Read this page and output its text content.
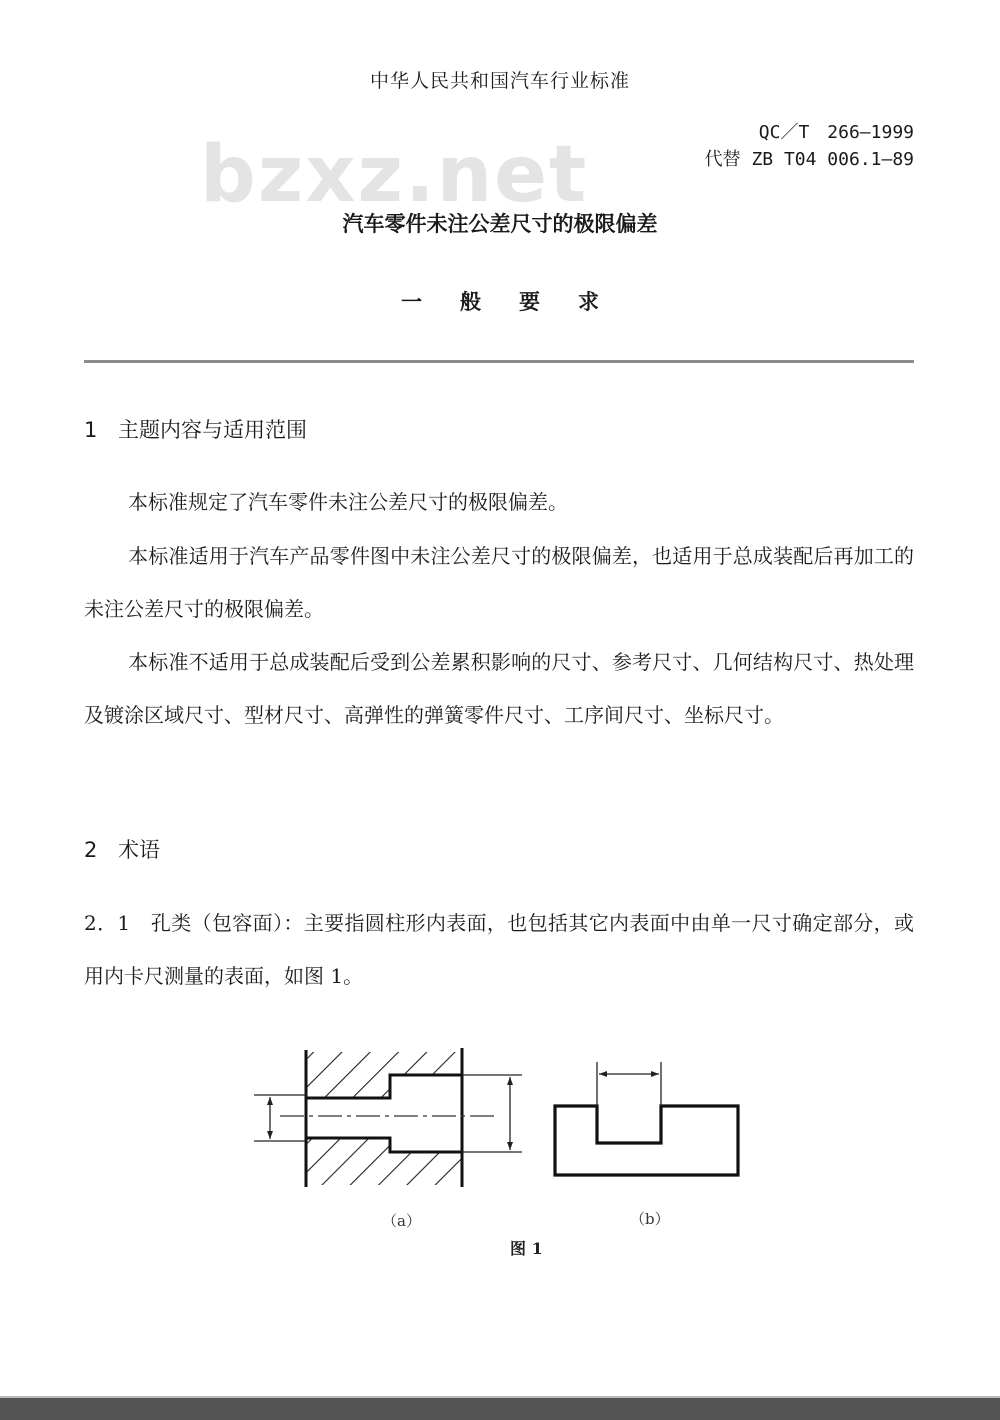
中华人民共和国汽车行业标准
bzxz.net	QC／T　266—1999
代替 ZB T04 006.1—89
汽车零件未注公差尺寸的极限偏差
一般要求
1 主题内容与适用范围
本标准规定了汽车零件未注公差尺寸的极限偏差。
本标准适用于汽车产品零件图中未注公差尺寸的极限偏差，也适用于总成装配后再加工的未注公差尺寸的极限偏差。
本标准不适用于总成装配后受到公差累积影响的尺寸、参考尺寸、几何结构尺寸、热处理及镀涂区域尺寸、型材尺寸、高弹性的弹簧零件尺寸、工序间尺寸、坐标尺寸。
2 术语
2．1　 孔类（包容面）：主要指圆柱形内表面，也包括其它内表面中由单一尺寸确定部分，或用内卡尺测量的表面，如图 1。
（a）	（b）
图 1
